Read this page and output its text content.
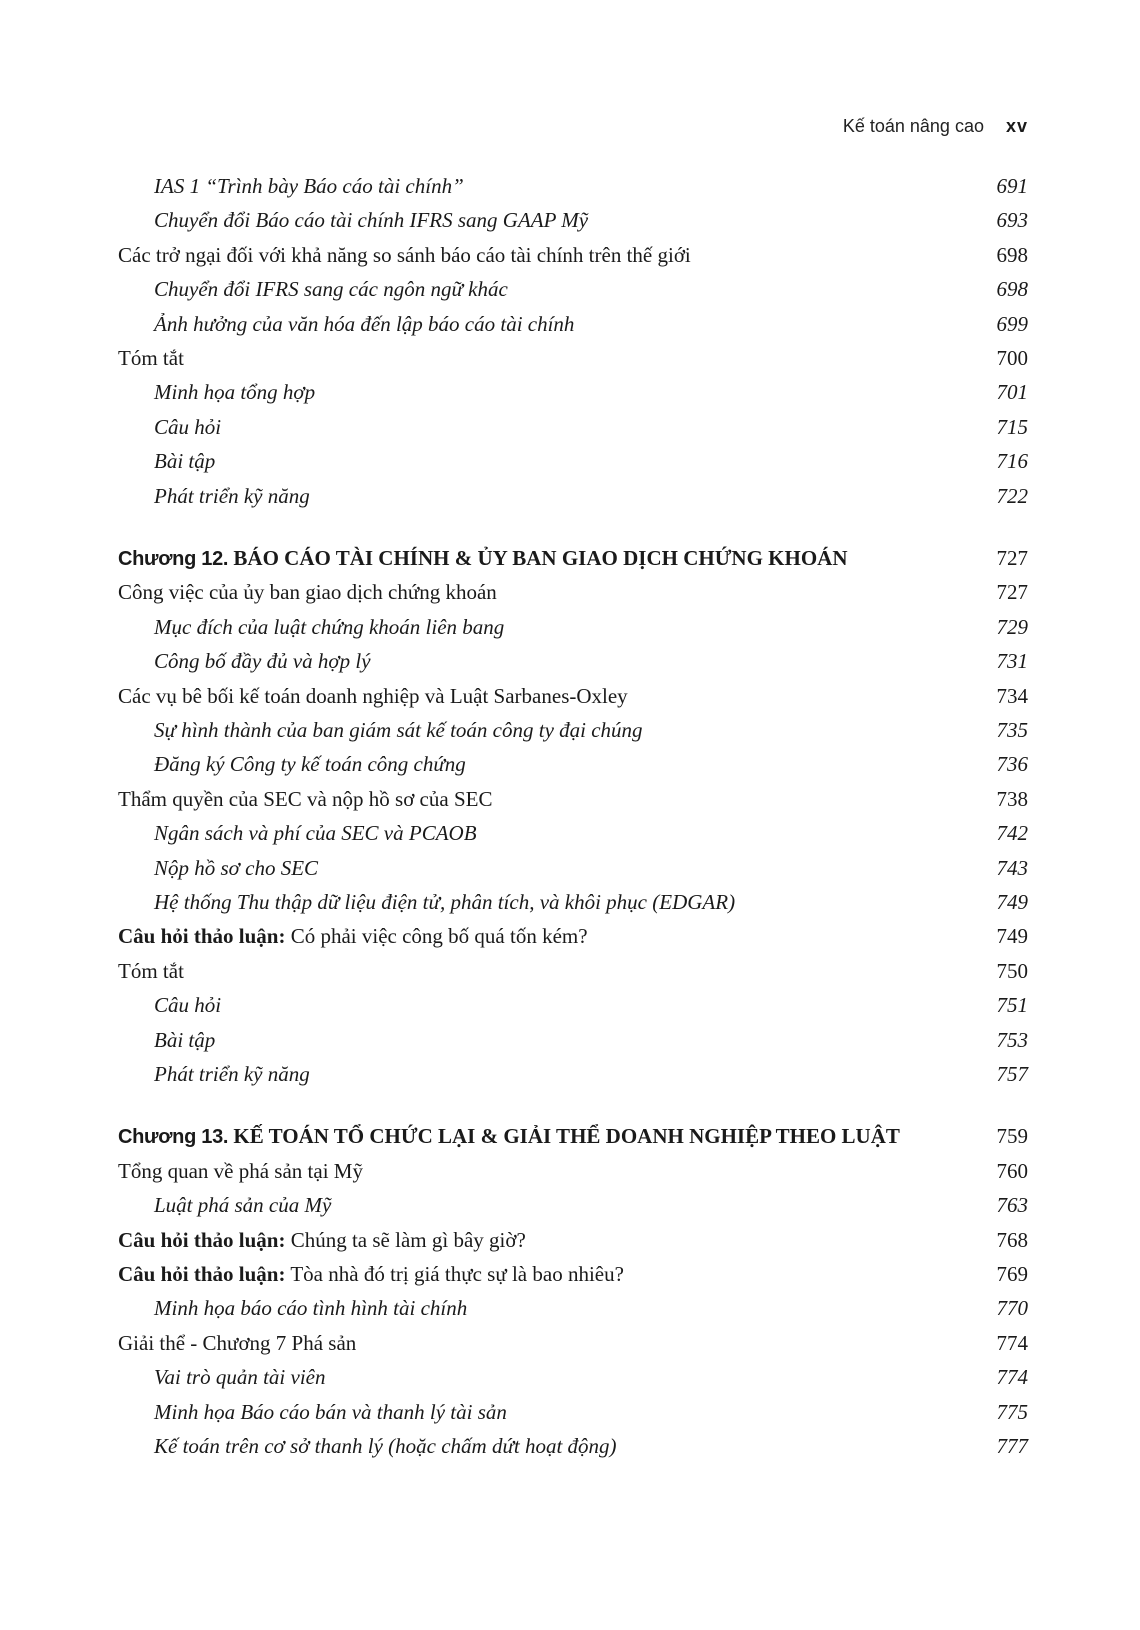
Kế toán nâng cao xv
IAS 1 “Trình bày Báo cáo tài chính”	691
Chuyển đổi Báo cáo tài chính IFRS sang GAAP Mỹ	693
Các trở ngại đối với khả năng so sánh báo cáo tài chính trên thế giới	698
Chuyển đổi IFRS sang các ngôn ngữ khác	698
Ảnh hưởng của văn hóa đến lập báo cáo tài chính	699
Tóm tắt	700
Minh họa tổng hợp	701
Câu hỏi	715
Bài tập	716
Phát triển kỹ năng	722
Chương 12. BÁO CÁO TÀI CHÍNH & ỦY BAN GIAO DỊCH CHỨNG KHOÁN	727
Công việc của ủy ban giao dịch chứng khoán	727
Mục đích của luật chứng khoán liên bang	729
Công bố đầy đủ và hợp lý	731
Các vụ bê bối kế toán doanh nghiệp và Luật Sarbanes-Oxley	734
Sự hình thành của ban giám sát kế toán công ty đại chúng	735
Đăng ký Công ty kế toán công chứng	736
Thẩm quyền của SEC và nộp hồ sơ của SEC	738
Ngân sách và phí của SEC và PCAOB	742
Nộp hồ sơ cho SEC	743
Hệ thống Thu thập dữ liệu điện tử, phân tích, và khôi phục (EDGAR)	749
Câu hỏi thảo luận: Có phải việc công bố quá tốn kém?	749
Tóm tắt	750
Câu hỏi	751
Bài tập	753
Phát triển kỹ năng	757
Chương 13. KẾ TOÁN TỔ CHỨC LẠI & GIẢI THỂ DOANH NGHIỆP THEO LUẬT	759
Tổng quan về phá sản tại Mỹ	760
Luật phá sản của Mỹ	763
Câu hỏi thảo luận: Chúng ta sẽ làm gì bây giờ?	768
Câu hỏi thảo luận: Tòa nhà đó trị giá thực sự là bao nhiêu?	769
Minh họa báo cáo tình hình tài chính	770
Giải thể - Chương 7 Phá sản	774
Vai trò quản tài viên	774
Minh họa Báo cáo bán và thanh lý tài sản	775
Kế toán trên cơ sở thanh lý (hoặc chấm dứt hoạt động)	777
